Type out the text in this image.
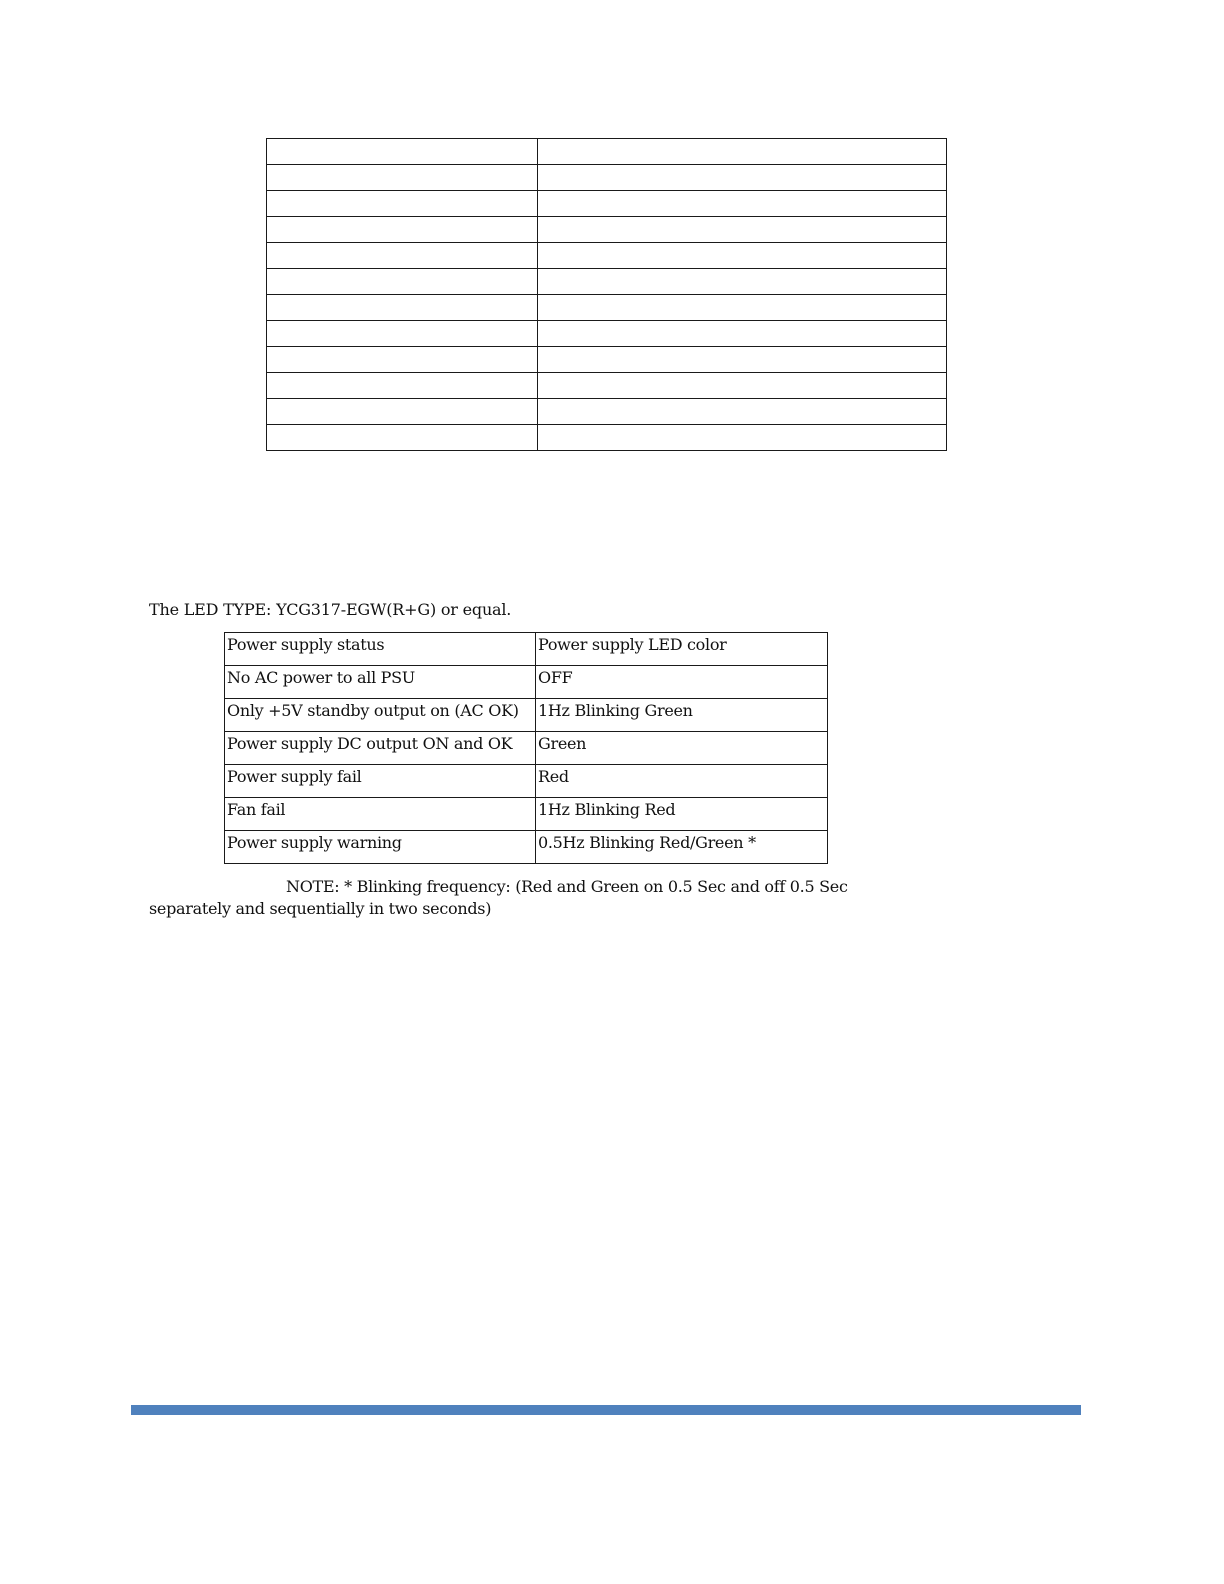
The LED TYPE: YCG317-EGW(R+G) or equal.
Power supply status	Power supply LED color
No AC power to all PSU	OFF
Only +5V standby output on (AC OK)	1Hz Blinking Green
Power supply DC output ON and OK	Green
Power supply fail	Red
Fan fail	1Hz Blinking Red
Power supply warning	0.5Hz Blinking Red/Green *
NOTE: * Blinking frequency: (Red and Green on 0.5 Sec and off 0.5 Sec
separately and sequentially in two seconds)
